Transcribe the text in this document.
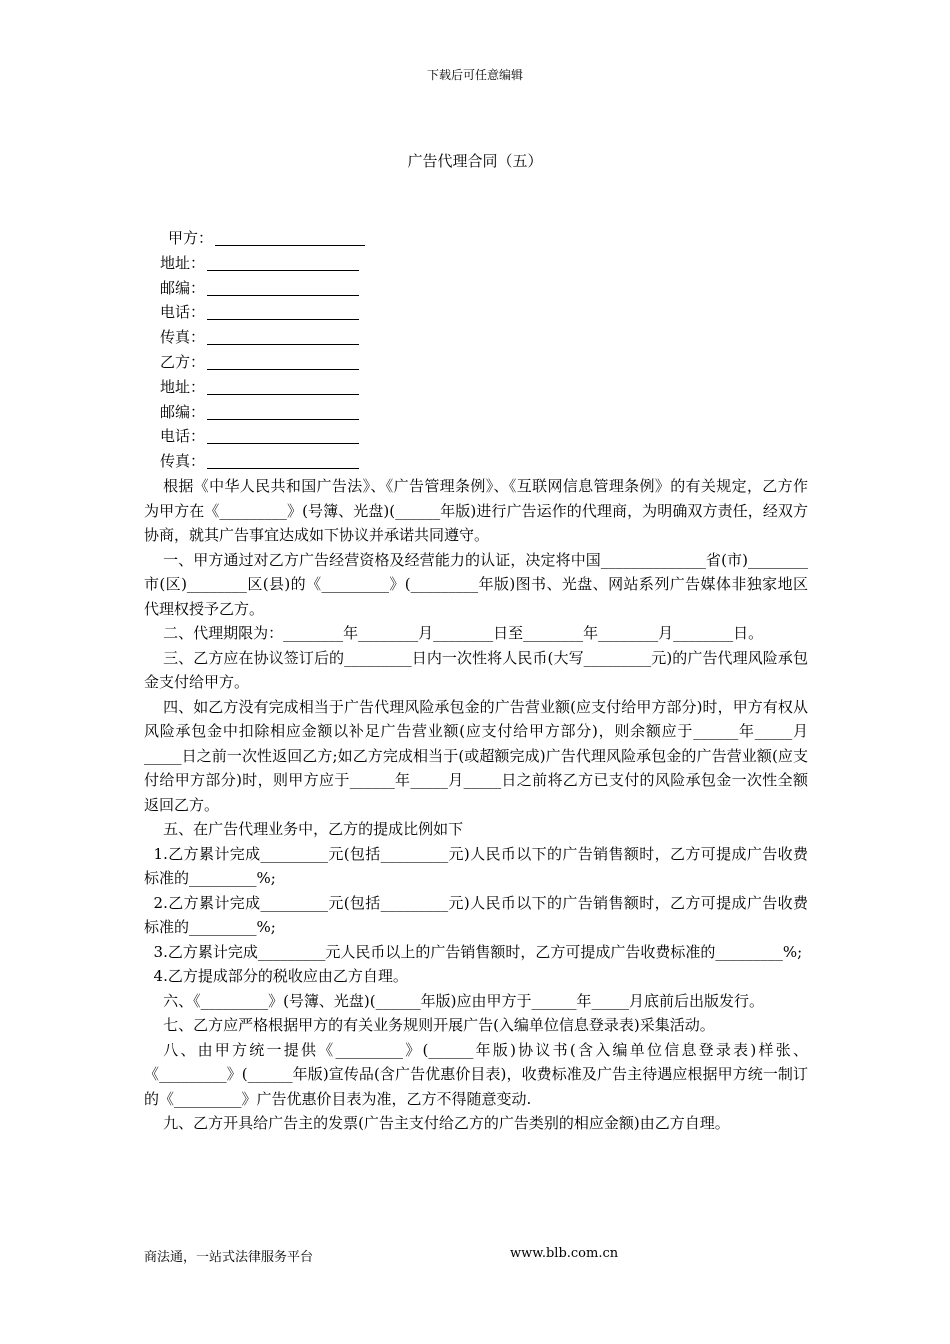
下载后可任意编辑
广告代理合同（五）
甲方：
地址：
邮编：
电话：
传真：
乙方：
地址：
邮编：
电话：
传真：

根据《中华人民共和国广告法》、《广告管理条例》、《互联网信息管理条例》的有关规定，乙方作为甲方在《_________》(号簿、光盘)(______年版)进行广告运作的代理商，为明确双方责任，经双方协商，就其广告事宜达成如下协议并承诺共同遵守。

一、甲方通过对乙方广告经营资格及经营能力的认证，决定将中国______________省(市)________市(区)________区(县)的《_________》(_________年版)图书、光盘、网站系列广告媒体非独家地区代理权授予乙方。

二、代理期限为：________年________月________日至________年________月________日。

三、乙方应在协议签订后的_________日内一次性将人民币(大写_________元)的广告代理风险承包金支付给甲方。

四、如乙方没有完成相当于广告代理风险承包金的广告营业额(应支付给甲方部分)时，甲方有权从风险承包金中扣除相应金额以补足广告营业额(应支付给甲方部分)，则余额应于______年_____月_____日之前一次性返回乙方;如乙方完成相当于(或超额完成)广告代理风险承包金的广告营业额(应支付给甲方部分)时，则甲方应于______年_____月_____日之前将乙方已支付的风险承包金一次性全额返回乙方。

五、在广告代理业务中，乙方的提成比例如下

1.乙方累计完成_________元(包括_________元)人民币以下的广告销售额时，乙方可提成广告收费标准的_________%;

2.乙方累计完成_________元(包括_________元)人民币以下的广告销售额时，乙方可提成广告收费标准的_________%;

3.乙方累计完成_________元人民币以上的广告销售额时，乙方可提成广告收费标准的_________%;

4.乙方提成部分的税收应由乙方自理。

六、《_________》(号簿、光盘)(______年版)应由甲方于______年_____月底前后出版发行。

七、乙方应严格根据甲方的有关业务规则开展广告(入编单位信息登录表)采集活动。

八、由甲方统一提供《_________》(______年版)协议书(含入编单位信息登录表)样张、《_________》(______年版)宣传品(含广告优惠价目表)，收费标准及广告主待遇应根据甲方统一制订的《_________》广告优惠价目表为准，乙方不得随意变动.

九、乙方开具给广告主的发票(广告主支付给乙方的广告类别的相应金额)由乙方自理。

商法通，一站式法律服务平台	www.blb.com.cn
